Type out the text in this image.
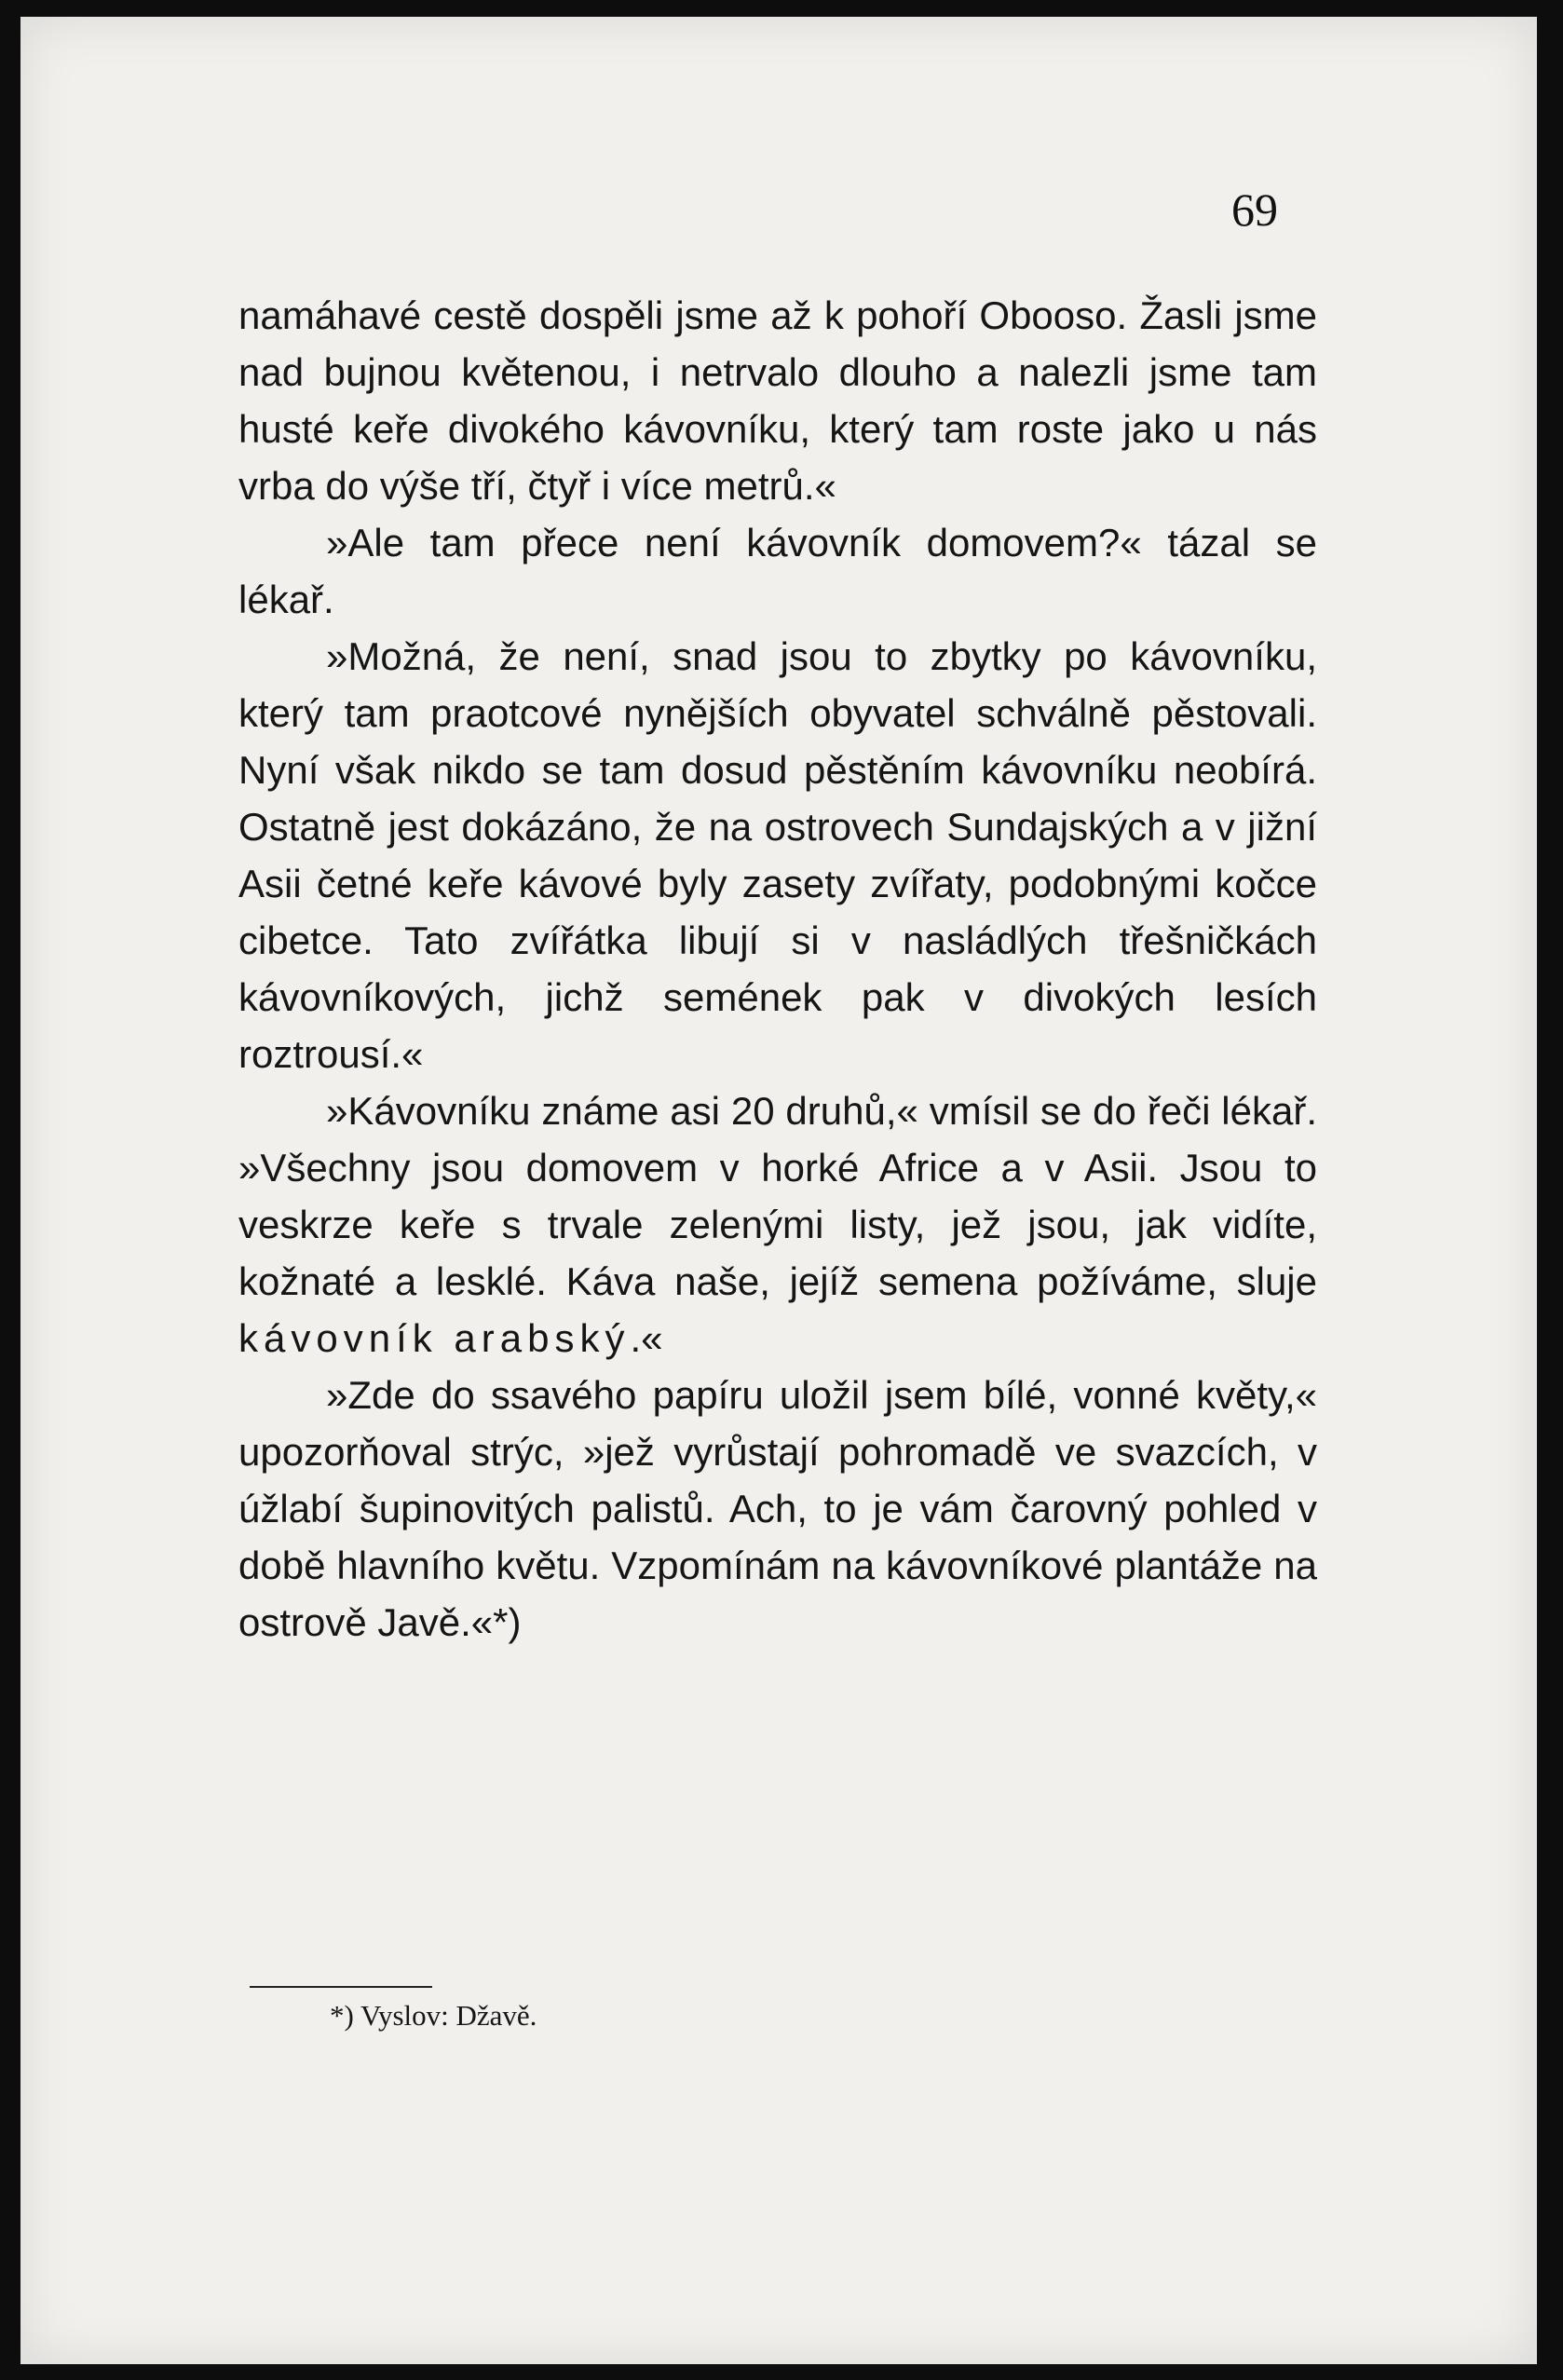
69

namáhavé cestě dospěli jsme až k pohoří Obooso. Žasli jsme nad bujnou květenou, i netrvalo dlouho a nalezli jsme tam husté keře divokého kávovníku, který tam roste jako u nás vrba do výše tří, čtyř i více metrů.«

»Ale tam přece není kávovník domovem?« tázal se lékař.

»Možná, že není, snad jsou to zbytky po kávovníku, který tam praotcové nynějších obyvatel schválně pěstovali. Nyní však nikdo se tam dosud pěstěním kávovníku neobírá. Ostatně jest dokázáno, že na ostrovech Sundajských a v jižní Asii četné keře kávové byly zasety zvířaty, podobnými kočce cibetce. Tato zvířátka libují si v nasládlých třešničkách kávovníkových, jichž semének pak v divokých lesích roztrousí.«

»Kávovníku známe asi 20 druhů,« vmísil se do řeči lékař. »Všechny jsou domovem v horké Africe a v Asii. Jsou to veskrze keře s trvale zelenými listy, jež jsou, jak vidíte, kožnaté a lesklé. Káva naše, jejíž semena požíváme, sluje kávovník arabský.«

»Zde do ssavého papíru uložil jsem bílé, vonné květy,« upozorňoval strýc, »jež vyrůstají pohromadě ve svazcích, v úžlabí šupinovitých palistů. Ach, to je vám čarovný pohled v době hlavního květu. Vzpomínám na kávovníkové plantáže na ostrově Javě.«*)

*) Vyslov: Džavě.
